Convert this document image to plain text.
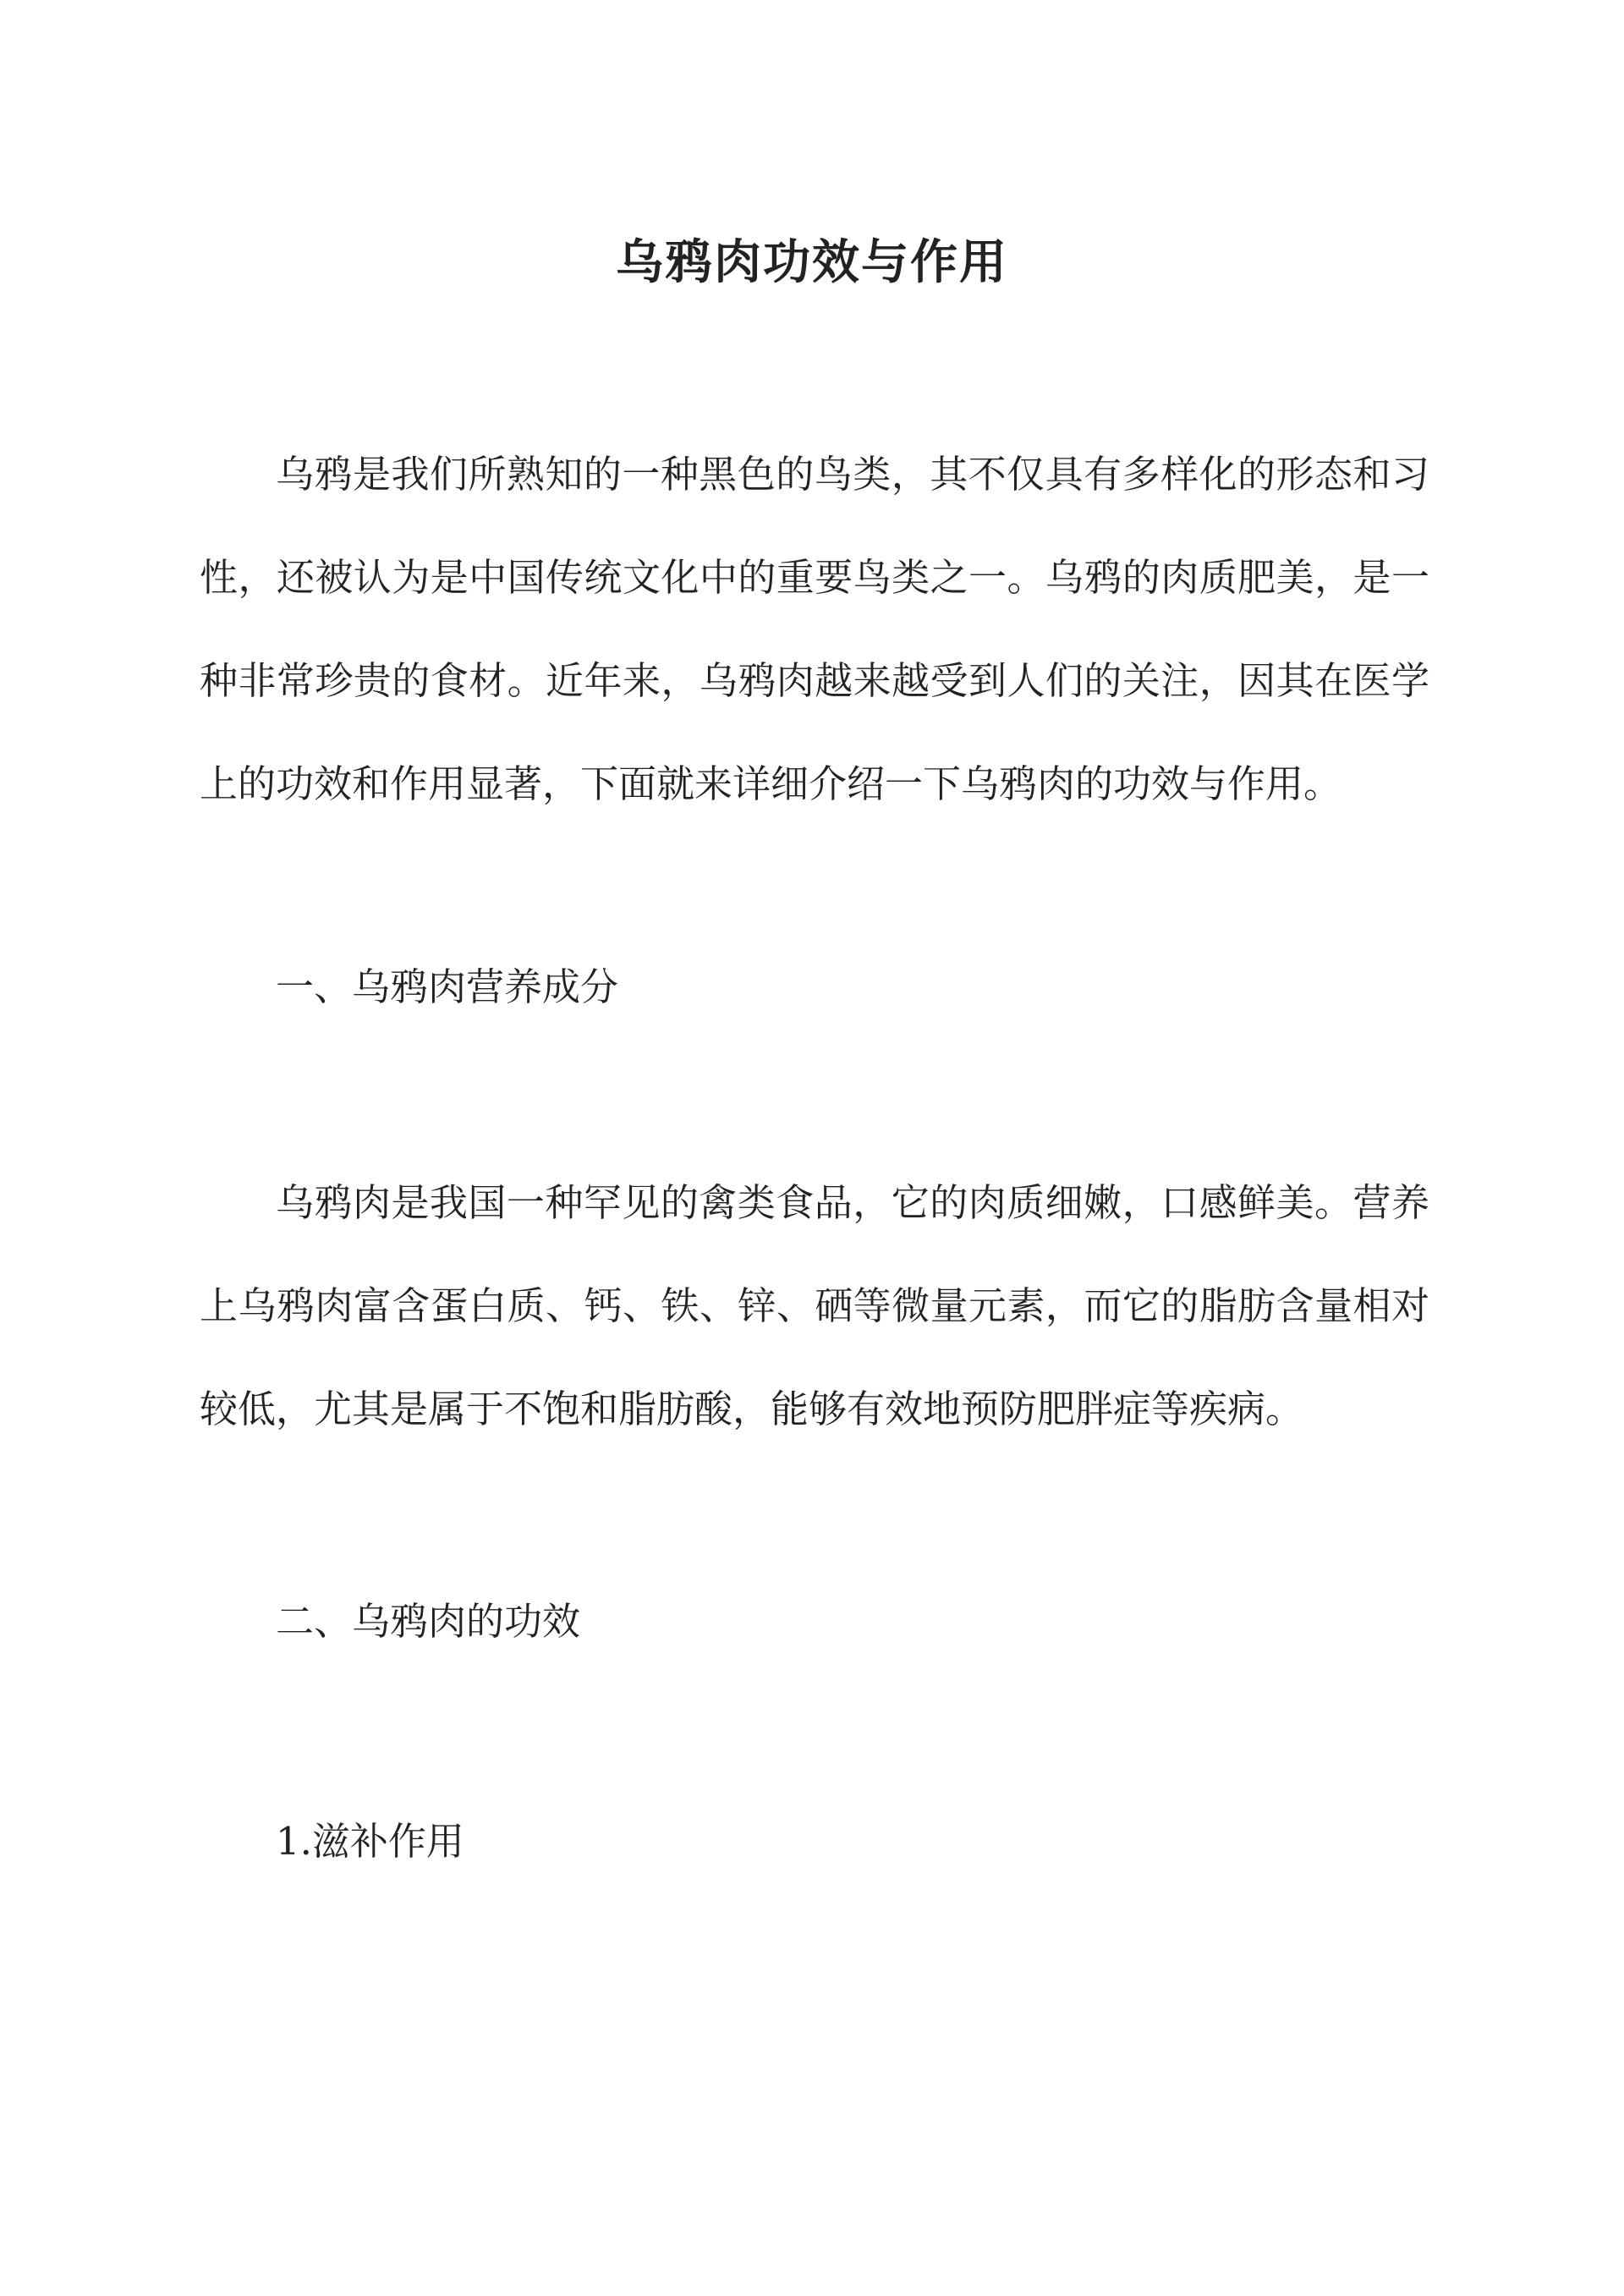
乌鸦肉功效与作用

乌鸦是我们所熟知的一种黑色的鸟类，其不仅具有多样化的形态和习性，还被认为是中国传统文化中的重要鸟类之一。乌鸦的肉质肥美，是一种非常珍贵的食材。近年来，乌鸦肉越来越受到人们的关注，因其在医学上的功效和作用显著，下面就来详细介绍一下乌鸦肉的功效与作用。

一、乌鸦肉营养成分

乌鸦肉是我国一种罕见的禽类食品，它的肉质细嫩，口感鲜美。营养上乌鸦肉富含蛋白质、钙、铁、锌、硒等微量元素，而它的脂肪含量相对较低，尤其是属于不饱和脂肪酸，能够有效地预防肥胖症等疾病。

二、乌鸦肉的功效

1.滋补作用
